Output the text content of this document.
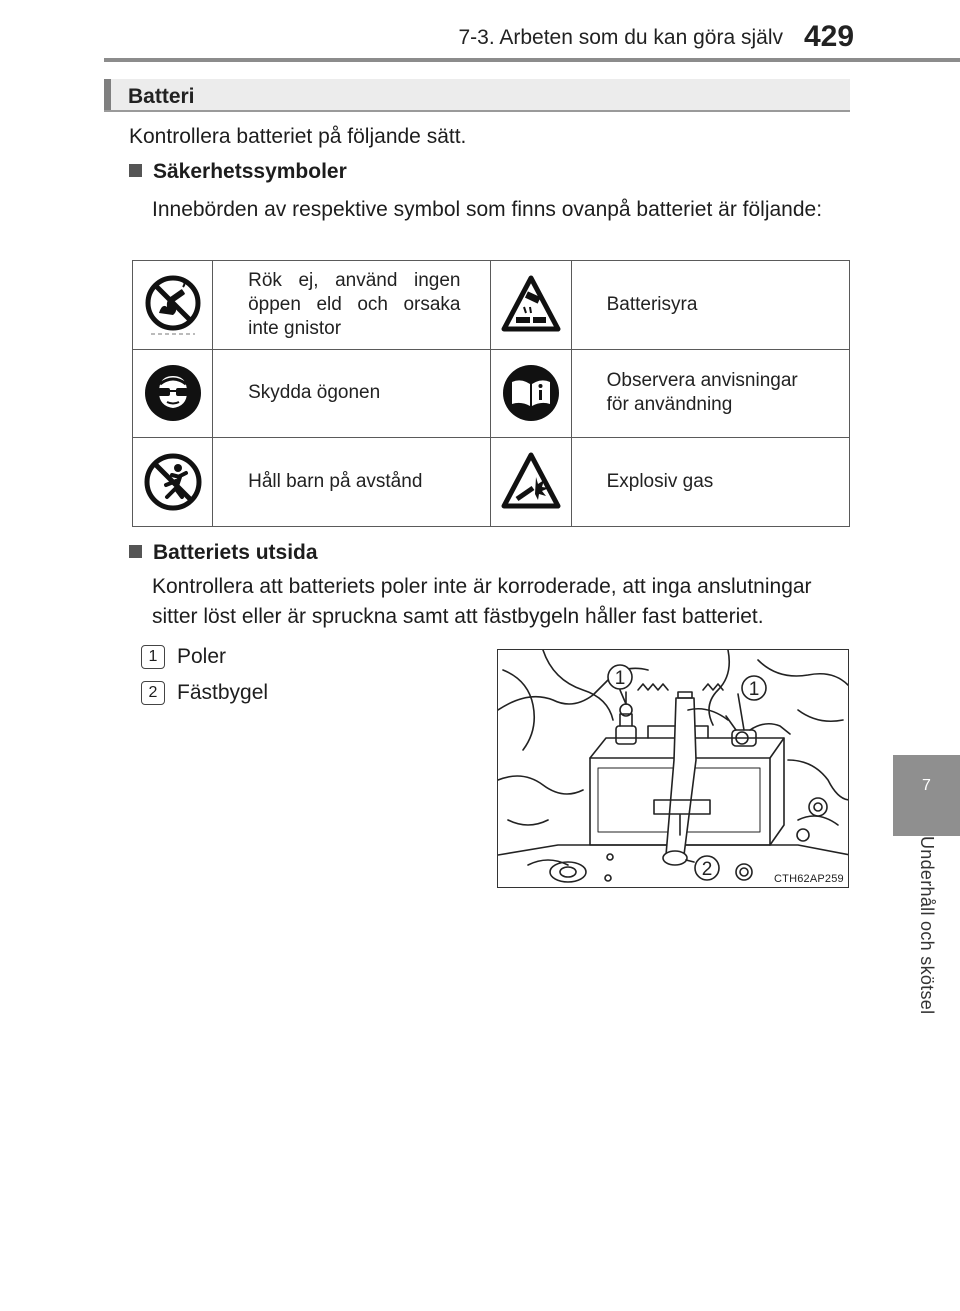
7-3. Arbeten som du kan göra själv 429
7
Underhåll och skötsel
Batteri
Kontrollera batteriet på följande sätt.
Säkerhetssymboler
Innebörden av respektive symbol som finns ovanpå batteriet är följande:
	Rök ej, använd ingen öppen eld och orsaka inte gnistor		Batterisyra

	Skydda ögonen		Observera anvisningar för användning

	Håll barn på avstånd		Explosiv gas
Batteriets utsida
Kontrollera att batteriets poler inte är korroderade, att inga anslutningar sitter löst eller är spruckna samt att fästbygeln håller fast batteriet.
1 Poler
2 Fästbygel
1
1
2	CTH62AP259
